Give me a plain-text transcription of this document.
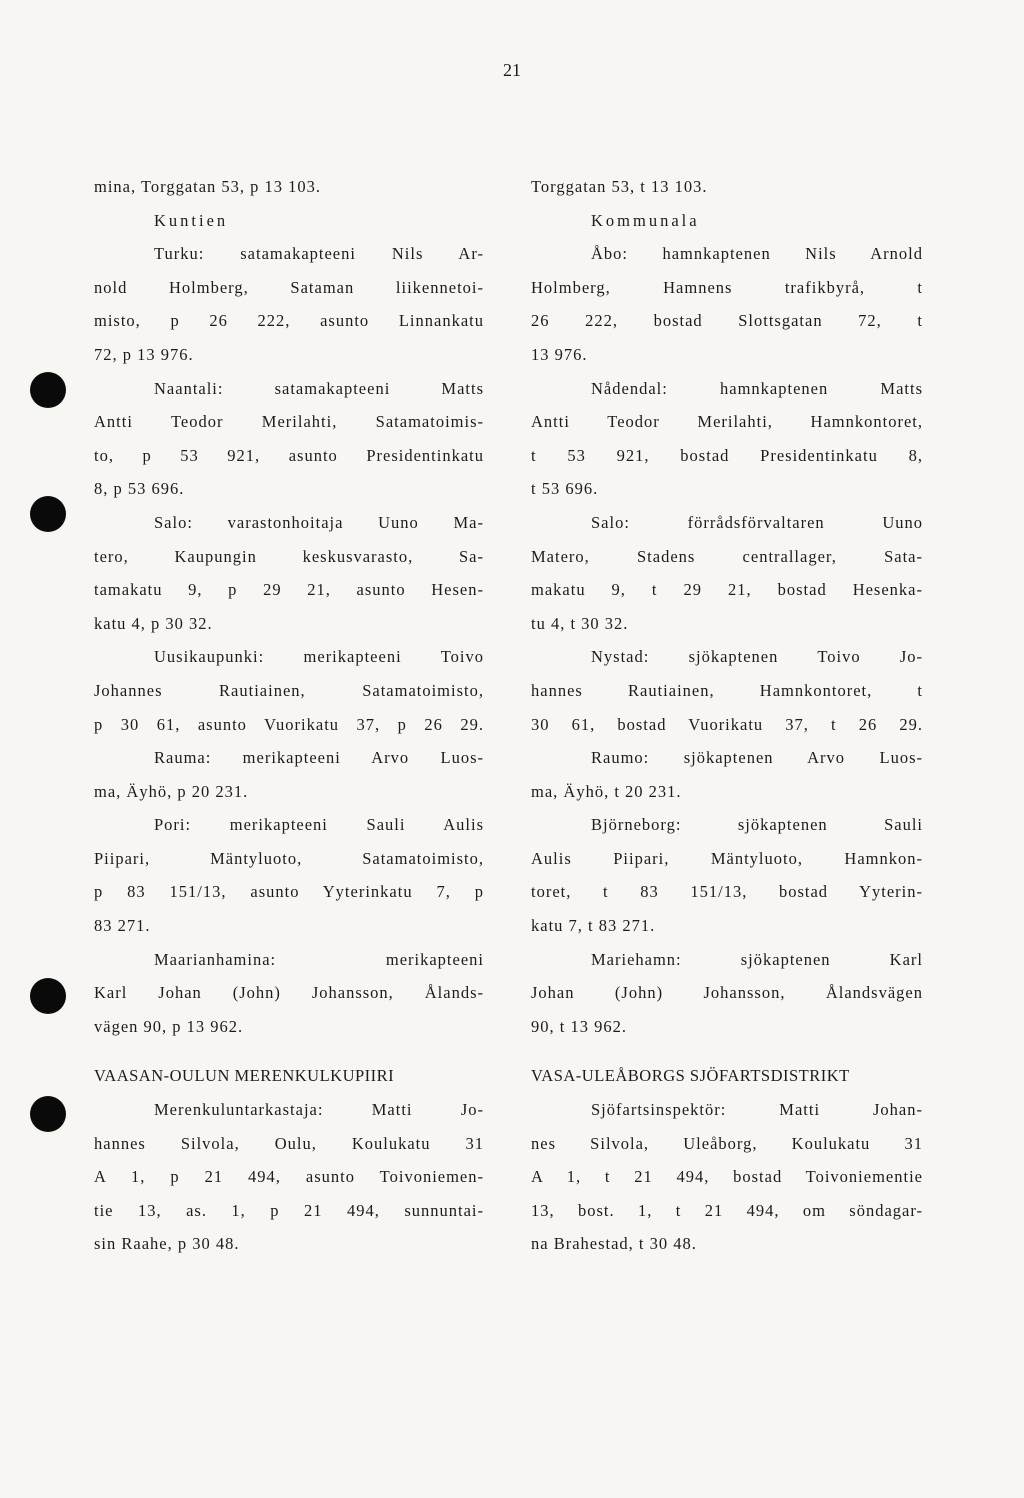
21
mina, Torggatan 53, p 13 103.
Kuntien
Turku: satamakapteeni Nils Ar-
nold Holmberg, Sataman liikennetoi-
misto, p 26 222, asunto Linnankatu
72, p 13 976.
Naantali: satamakapteeni Matts
Antti Teodor Merilahti, Satamatoimis-
to, p 53 921, asunto Presidentinkatu
8, p 53 696.
Salo: varastonhoitaja Uuno Ma-
tero, Kaupungin keskusvarasto, Sa-
tamakatu 9, p 29 21, asunto Hesen-
katu 4, p 30 32.
Uusikaupunki: merikapteeni Toivo
Johannes Rautiainen, Satamatoimisto,
p 30 61, asunto Vuorikatu 37, p 26 29.
Rauma: merikapteeni Arvo Luos-
ma, Äyhö, p 20 231.
Pori: merikapteeni Sauli Aulis
Piipari, Mäntyluoto, Satamatoimisto,
p 83 151/13, asunto Yyterinkatu 7, p
83 271.
Maarianhamina: merikapteeni
Karl Johan (John) Johansson, Ålands-
vägen 90, p 13 962.
VAASAN-OULUN MERENKULKUPIIRI
Merenkuluntarkastaja: Matti Jo-
hannes Silvola, Oulu, Koulukatu 31
A 1, p 21 494, asunto Toivoniemen-
tie 13, as. 1, p 21 494, sunnuntai-
sin Raahe, p 30 48.
Torggatan 53, t 13 103.
Kommunala
Åbo: hamnkaptenen Nils Arnold
Holmberg, Hamnens trafikbyrå, t
26 222, bostad Slottsgatan 72, t
13 976.
Nådendal: hamnkaptenen Matts
Antti Teodor Merilahti, Hamnkontoret,
t 53 921, bostad Presidentinkatu 8,
t 53 696.
Salo: förrådsförvaltaren Uuno
Matero, Stadens centrallager, Sata-
makatu 9, t 29 21, bostad Hesenka-
tu 4, t 30 32.
Nystad: sjökaptenen Toivo Jo-
hannes Rautiainen, Hamnkontoret, t
30 61, bostad Vuorikatu 37, t 26 29.
Raumo: sjökaptenen Arvo Luos-
ma, Äyhö, t 20 231.
Björneborg: sjökaptenen Sauli
Aulis Piipari, Mäntyluoto, Hamnkon-
toret, t 83 151/13, bostad Yyterin-
katu 7, t 83 271.
Mariehamn: sjökaptenen Karl
Johan (John) Johansson, Ålandsvägen
90, t 13 962.
VASA-ULEÅBORGS SJÖFARTSDISTRIKT
Sjöfartsinspektör: Matti Johan-
nes Silvola, Uleåborg, Koulukatu 31
A 1, t 21 494, bostad Toivoniementie
13, bost. 1, t 21 494, om söndagar-
na Brahestad, t 30 48.
